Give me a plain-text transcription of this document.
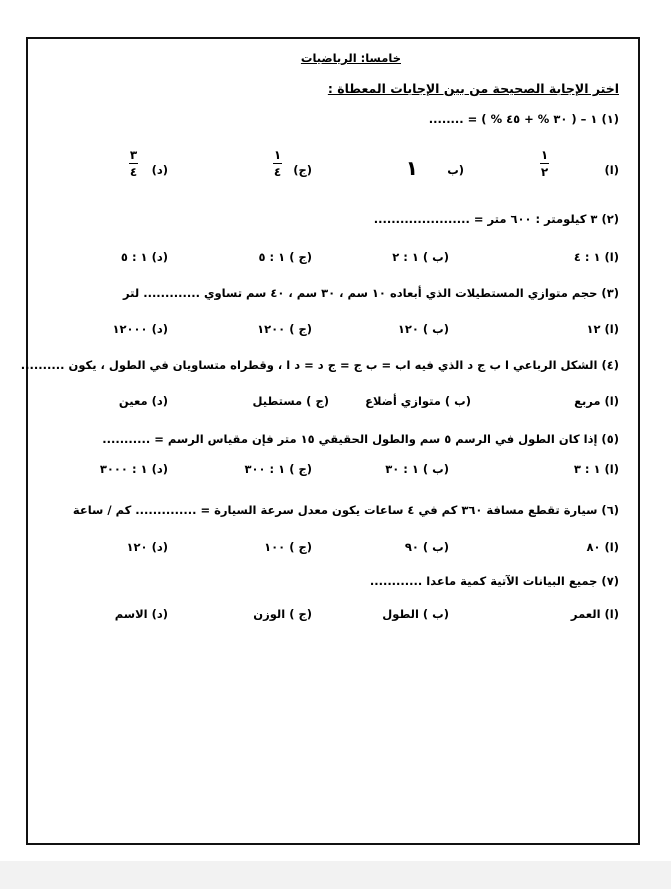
خامسا: الرياضيات
اختر الإجابة الصحيحة من بين الإجابات المعطاة :
(١) ١ – ( ٣٠ % + ٤٥ % ) = ........
(ا)
١
٢
(ب
١
(ج)
١
٤
(د)
٣
٤
(٢) ٣ كيلومتر : ٦٠٠ متر = ......................
(ا) ١ : ٤
(ب ) ١ : ٢
(ج ) ١ : ٥
(د) ١ : ٥
(٣) حجم متوازي المستطيلات الذي أبعاده ١٠ سم ، ٣٠ سم ، ٤٠ سم تساوي ............. لتر
(ا) ١٢
(ب ) ١٢٠
(ج ) ١٢٠٠
(د) ١٢٠٠٠
(٤) الشكل الرباعي ا ب ج د الذي فيه اب = ب ج = ج د = د ا ، وقطراه متساويان في الطول ، يكون ..........
(ا) مربع
(ب ) متوازي أضلاع
(ج ) مستطيل
(د) معين
(٥) إذا كان الطول في الرسم ٥ سم والطول الحقيقي ١٥ متر فإن مقياس الرسم = ...........
(ا) ١ : ٣
(ب ) ١ : ٣٠
(ج ) ١ : ٣٠٠
(د) ١ : ٣٠٠٠
(٦) سيارة تقطع مسافة ٣٦٠ كم في ٤ ساعات يكون معدل سرعة السيارة = .............. كم / ساعة
(ا) ٨٠
(ب ) ٩٠
(ج ) ١٠٠
(د) ١٢٠
(٧) جميع البيانات الآتية كمية ماعدا ............
(ا) العمر
(ب ) الطول
(ج ) الوزن
(د) الاسم
